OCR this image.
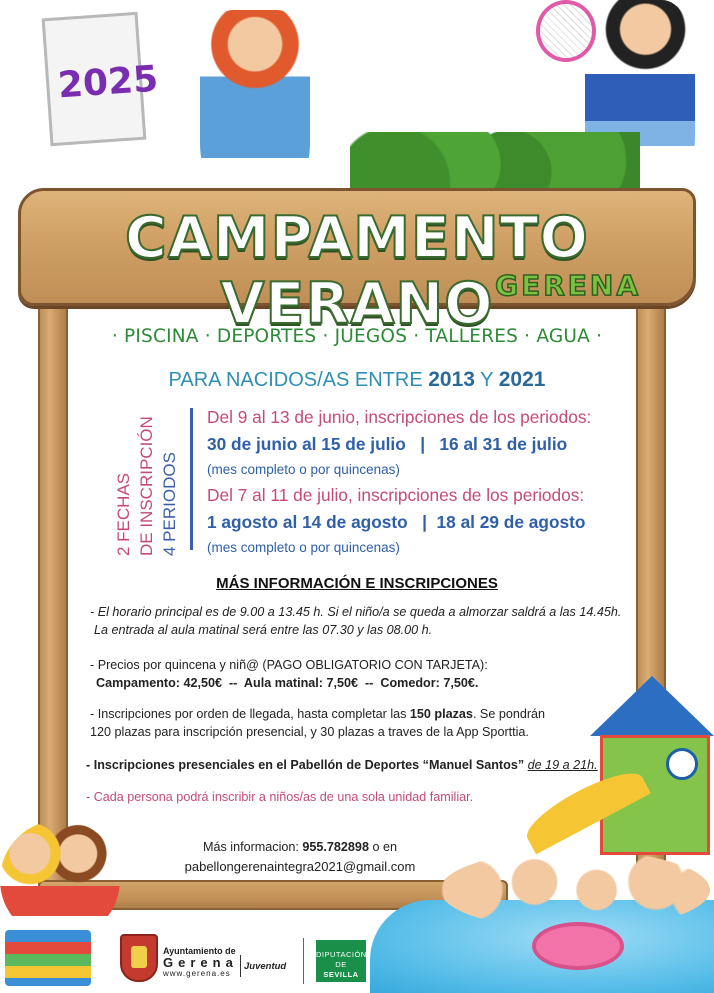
2025
CAMPAMENTO VERANO GERENA
· PISCINA · DEPORTES · JUEGOS · TALLERES · AGUA ·
PARA NACIDOS/AS ENTRE 2013 Y 2021
2 FECHAS DE INSCRIPCIÓN 4 PERIODOS
Del 9 al 13 de junio, inscripciones de los periodos:
30 de junio al 15 de julio   |   16 al 31 de julio
(mes completo o por quincenas)
Del 7 al 11 de julio, inscripciones de los periodos:
1 agosto al 14 de agosto   |  18 al 29 de agosto
(mes completo o por quincenas)
MÁS INFORMACIÓN E INSCRIPCIONES
- El horario principal es de 9.00 a 13.45 h. Si el niño/a se queda a almorzar saldrá a las 14.45h.
La entrada al aula matinal será entre las 07.30 y las 08.00 h.
- Precios por quincena y niñ@ (PAGO OBLIGATORIO CON TARJETA):
Campamento: 42,50€  --  Aula matinal: 7,50€  --  Comedor: 7,50€.
- Inscripciones por orden de llegada, hasta completar las 150 plazas. Se pondrán
120 plazas para inscripción presencial, y 30 plazas a traves de la App Sporttia.
- Inscripciones presenciales en el Pabellón de Deportes “Manuel Santos” de 19 a 21h.
- Cada persona podrá inscribir a niños/as de una sola unidad familiar.
Más informacion: 955.782898 o en
pabellongerenaintegra2021@gmail.com
Ayuntamiento de
Gerena
www.gerena.es
Juventud
DIPUTACIÓN
DE
SEVILLA
